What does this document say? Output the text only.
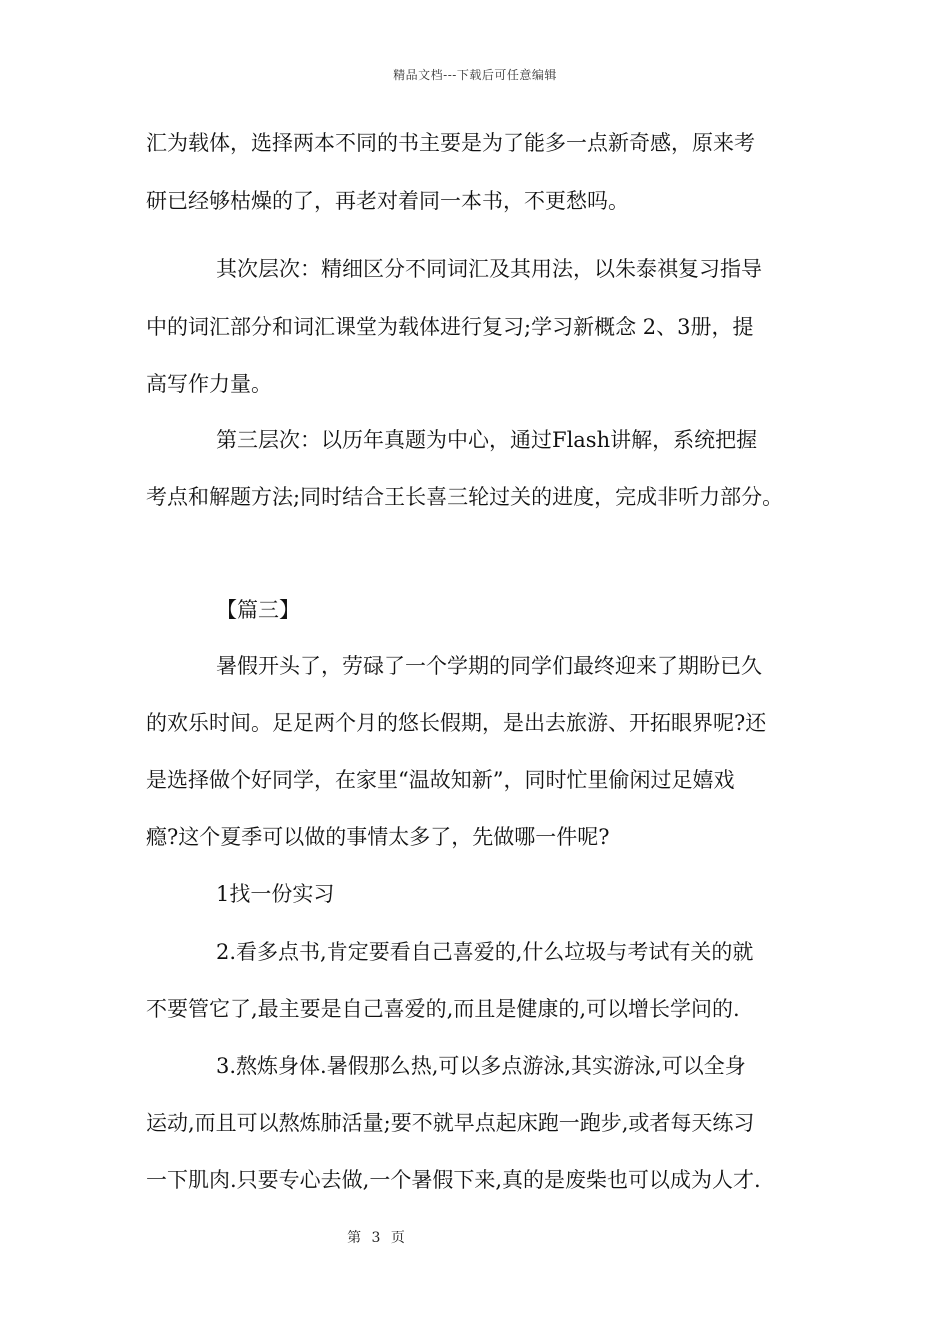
精品文档---下载后可任意编辑
汇为载体，选择两本不同的书主要是为了能多一点新奇感，原来考
研已经够枯燥的了，再老对着同一本书，不更愁吗。
其次层次：精细区分不同词汇及其用法，以朱泰祺复习指导
中的词汇部分和词汇课堂为载体进行复习;学习新概念 2、3册，提
高写作力量。
第三层次：以历年真题为中心，通过Flash讲解，系统把握
考点和解题方法;同时结合王长喜三轮过关的进度，完成非听力部分。
【篇三】
暑假开头了，劳碌了一个学期的同学们最终迎来了期盼已久
的欢乐时间。足足两个月的悠长假期，是出去旅游、开拓眼界呢?还
是选择做个好同学，在家里“温故知新”，同时忙里偷闲过足嬉戏
瘾?这个夏季可以做的事情太多了，先做哪一件呢?
1找一份实习
2.看多点书,肯定要看自己喜爱的,什么垃圾与考试有关的就
不要管它了,最主要是自己喜爱的,而且是健康的,可以增长学问的.
3.熬炼身体.暑假那么热,可以多点游泳,其实游泳,可以全身
运动,而且可以熬炼肺活量;要不就早点起床跑一跑步,或者每天练习
一下肌肉.只要专心去做,一个暑假下来,真的是废柴也可以成为人才.
第 3 页
